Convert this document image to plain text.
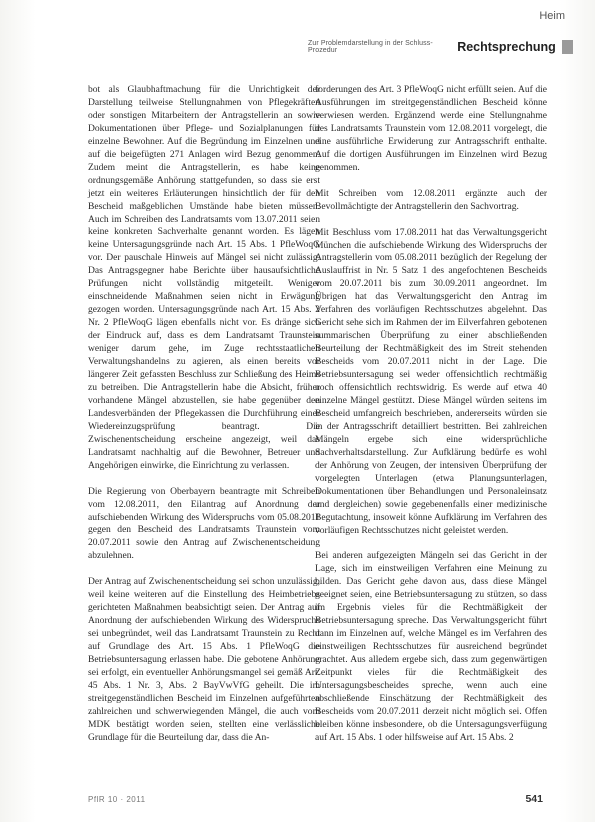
Heim
Zur Problemdarstellung in der Schluss- Prozedur	Rechtsprechung

bot als Glaubhaftmachung für die Unrichtigkeit der Darstellung teilweise Stellungnahmen von Pflegekräften oder sonstigen Mitarbeitern der Antragstellerin an sowie Dokumentationen über Pflege- und Sozialplanungen für einzelne Bewohner. Auf die Begründung im Einzelnen und auf die beigefügten 271 Anlagen wird Bezug genommen. Zudem meint die Antragstellerin, es habe keine ordnungsgemäße Anhörung stattgefunden, so dass sie erst jetzt ein weiteres Erläuterungen hinsichtlich der für den Bescheid maßgeblichen Umstände habe bieten müssen. Auch im Schreiben des Landratsamts vom 13.07.2011 seien keine konkreten Sachverhalte genannt worden. Es lägen keine Untersagungsgründe nach Art. 15 Abs. 1 PfleWoqG vor. Der pauschale Hinweis auf Mängel sei nicht zulässig. Das Antragsgegner habe Berichte über hausaufsichtliche Prüfungen nicht vollständig mitgeteilt. Weniger einschneidende Maßnahmen seien nicht in Erwägung gezogen worden. Untersagungsgründe nach Art. 15 Abs. 2 Nr. 2 PfleWoqG lägen ebenfalls nicht vor. Es dränge sich der Eindruck auf, dass es dem Landratsamt Traunstein weniger darum gehe, im Zuge rechtsstaatlichen Verwaltungshandelns zu agieren, als einen bereits vor längerer Zeit gefassten Beschluss zur Schließung des Heims zu betreiben. Die Antragstellerin habe die Absicht, früher vorhandene Mängel abzustellen, sie habe gegenüber den Landesverbänden der Pflegekassen die Durchführung einer Wiedereinzugsprüfung beantragt. Die Zwischenentscheidung erscheine angezeigt, weil das Landratsamt nachhaltig auf die Bewohner, Betreuer und Angehörigen einwirke, die Einrichtung zu verlassen.

Die Regierung von Oberbayern beantragte mit Schreiben vom 12.08.2011, den Eilantrag auf Anordnung der aufschiebenden Wirkung des Widerspruchs vom 05.08.2011 gegen den Bescheid des Landratsamts Traunstein vom 20.07.2011 sowie den Antrag auf Zwischenentscheidung abzulehnen.

Der Antrag auf Zwischenentscheidung sei schon unzulässig, weil keine weiteren auf die Einstellung des Heimbetriebs gerichteten Maßnahmen beabsichtigt seien. Der Antrag auf Anordnung der aufschiebenden Wirkung des Widerspruchs sei unbegründet, weil das Landratsamt Traunstein zu Recht auf Grundlage des Art. 15 Abs. 1 PfleWoqG die Betriebsuntersagung erlassen habe. Die gebotene Anhörung sei erfolgt, ein eventueller Anhörungsmangel sei gemäß Art. 45 Abs. 1 Nr. 3, Abs. 2 BayVwVfG geheilt. Die im streitgegenständlichen Bescheid im Einzelnen aufgeführten zahlreichen und schwerwiegenden Mängel, die auch vom MDK bestätigt worden seien, stellten eine verlässliche Grundlage für die Beurteilung dar, dass die An-

forderungen des Art. 3 PfleWoqG nicht erfüllt seien. Auf die Ausführungen im streitgegenständlichen Bescheid könne verwiesen werden. Ergänzend werde eine Stellungnahme des Landratsamts Traunstein vom 12.08.2011 vorgelegt, die eine ausführliche Erwiderung zur Antragsschrift enthalte. Auf die dortigen Ausführungen im Einzelnen wird Bezug genommen.

Mit Schreiben vom 12.08.2011 ergänzte auch der Bevollmächtigte der Antragstellerin den Sachvortrag.

Mit Beschluss vom 17.08.2011 hat das Verwaltungsgericht München die aufschiebende Wirkung des Widerspruchs der Antragstellerin vom 05.08.2011 bezüglich der Regelung der Auslauffrist in Nr. 5 Satz 1 des angefochtenen Bescheids vom 20.07.2011 bis zum 30.09.2011 angeordnet. Im Übrigen hat das Verwaltungsgericht den Antrag im Verfahren des vorläufigen Rechtsschutzes abgelehnt. Das Gericht sehe sich im Rahmen der im Eilverfahren gebotenen summarischen Überprüfung zu einer abschließenden Beurteilung der Rechtmäßigkeit des im Streit stehenden Bescheids vom 20.07.2011 nicht in der Lage. Die Betriebsuntersagung sei weder offensichtlich rechtmäßig noch offensichtlich rechtswidrig. Es werde auf etwa 40 einzelne Mängel gestützt. Diese Mängel würden seitens im Bescheid umfangreich beschrieben, andererseits würden sie in der Antragsschrift detailliert bestritten. Bei zahlreichen Mängeln ergebe sich eine widersprüchliche Sachverhaltsdarstellung. Zur Aufklärung bedürfe es wohl der Anhörung von Zeugen, der intensiven Überprüfung der vorgelegten Unterlagen (etwa Planungsunterlagen, Dokumentationen über Behandlungen und Personaleinsatz und dergleichen) sowie gegebenenfalls einer medizinische Begutachtung, insoweit könne Aufklärung im Verfahren des vorläufigen Rechtsschutzes nicht geleistet werden.

Bei anderen aufgezeigten Mängeln sei das Gericht in der Lage, sich im einstweiligen Verfahren eine Meinung zu bilden. Das Gericht gehe davon aus, dass diese Mängel geeignet seien, eine Betriebsuntersagung zu stützen, so dass im Ergebnis vieles für die Rechtmäßigkeit der Betriebsuntersagung spreche. Das Verwaltungsgericht führt dann im Einzelnen auf, welche Mängel es im Verfahren des einstweiligen Rechtsschutzes für ausreichend begründet erachtet. Aus alledem ergebe sich, dass zum gegenwärtigen Zeitpunkt vieles für die Rechtmäßigkeit des Untersagungsbescheides spreche, wenn auch eine abschließende Einschätzung der Rechtmäßigkeit des Bescheids vom 20.07.2011 derzeit nicht möglich sei. Offen bleiben könne insbesondere, ob die Untersagungsverfügung auf Art. 15 Abs. 1 oder hilfsweise auf Art. 15 Abs. 2

PflR 10 · 2011	541
